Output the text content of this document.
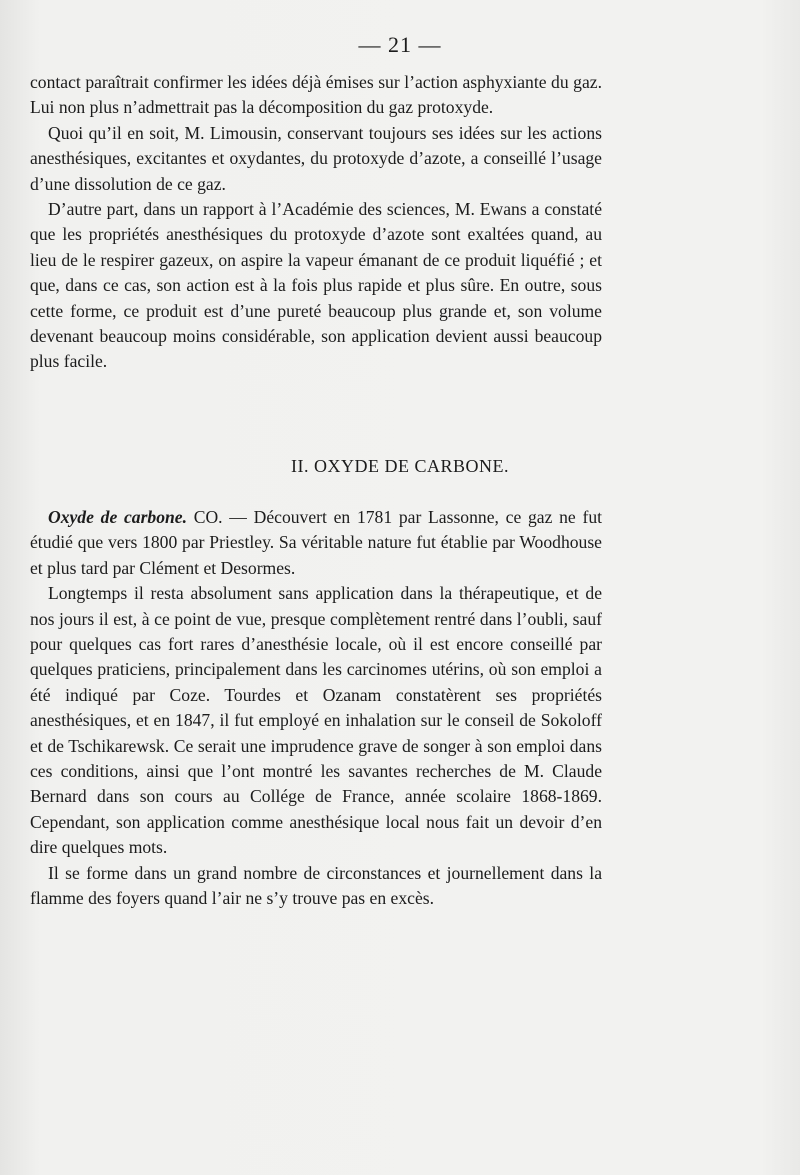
— 21 —

contact paraîtrait confirmer les idées déjà émises sur l’action asphyxiante du gaz. Lui non plus n’admettrait pas la décomposition du gaz protoxyde.

Quoi qu’il en soit, M. Limousin, conservant toujours ses idées sur les actions anesthésiques, excitantes et oxydantes, du protoxyde d’azote, a conseillé l’usage d’une dissolution de ce gaz.

D’autre part, dans un rapport à l’Académie des sciences, M. Ewans a constaté que les propriétés anesthésiques du protoxyde d’azote sont exaltées quand, au lieu de le respirer gazeux, on aspire la vapeur émanant de ce produit liquéfié ; et que, dans ce cas, son action est à la fois plus rapide et plus sûre. En outre, sous cette forme, ce produit est d’une pureté beaucoup plus grande et, son volume devenant beaucoup moins considérable, son application devient aussi beaucoup plus facile.

II. OXYDE DE CARBONE.

Oxyde de carbone. CO. — Découvert en 1781 par Lassonne, ce gaz ne fut étudié que vers 1800 par Priestley. Sa véritable nature fut établie par Woodhouse et plus tard par Clément et Desormes.

Longtemps il resta absolument sans application dans la thérapeutique, et de nos jours il est, à ce point de vue, presque complètement rentré dans l’oubli, sauf pour quelques cas fort rares d’anesthésie locale, où il est encore conseillé par quelques praticiens, principalement dans les carcinomes utérins, où son emploi a été indiqué par Coze. Tourdes et Ozanam constatèrent ses propriétés anesthésiques, et en 1847, il fut employé en inhalation sur le conseil de Sokoloff et de Tschikarewsk. Ce serait une imprudence grave de songer à son emploi dans ces conditions, ainsi que l’ont montré les savantes recherches de M. Claude Bernard dans son cours au Collége de France, année scolaire 1868-1869. Cependant, son application comme anesthésique local nous fait un devoir d’en dire quelques mots.

Il se forme dans un grand nombre de circonstances et journellement dans la flamme des foyers quand l’air ne s’y trouve pas en excès.
